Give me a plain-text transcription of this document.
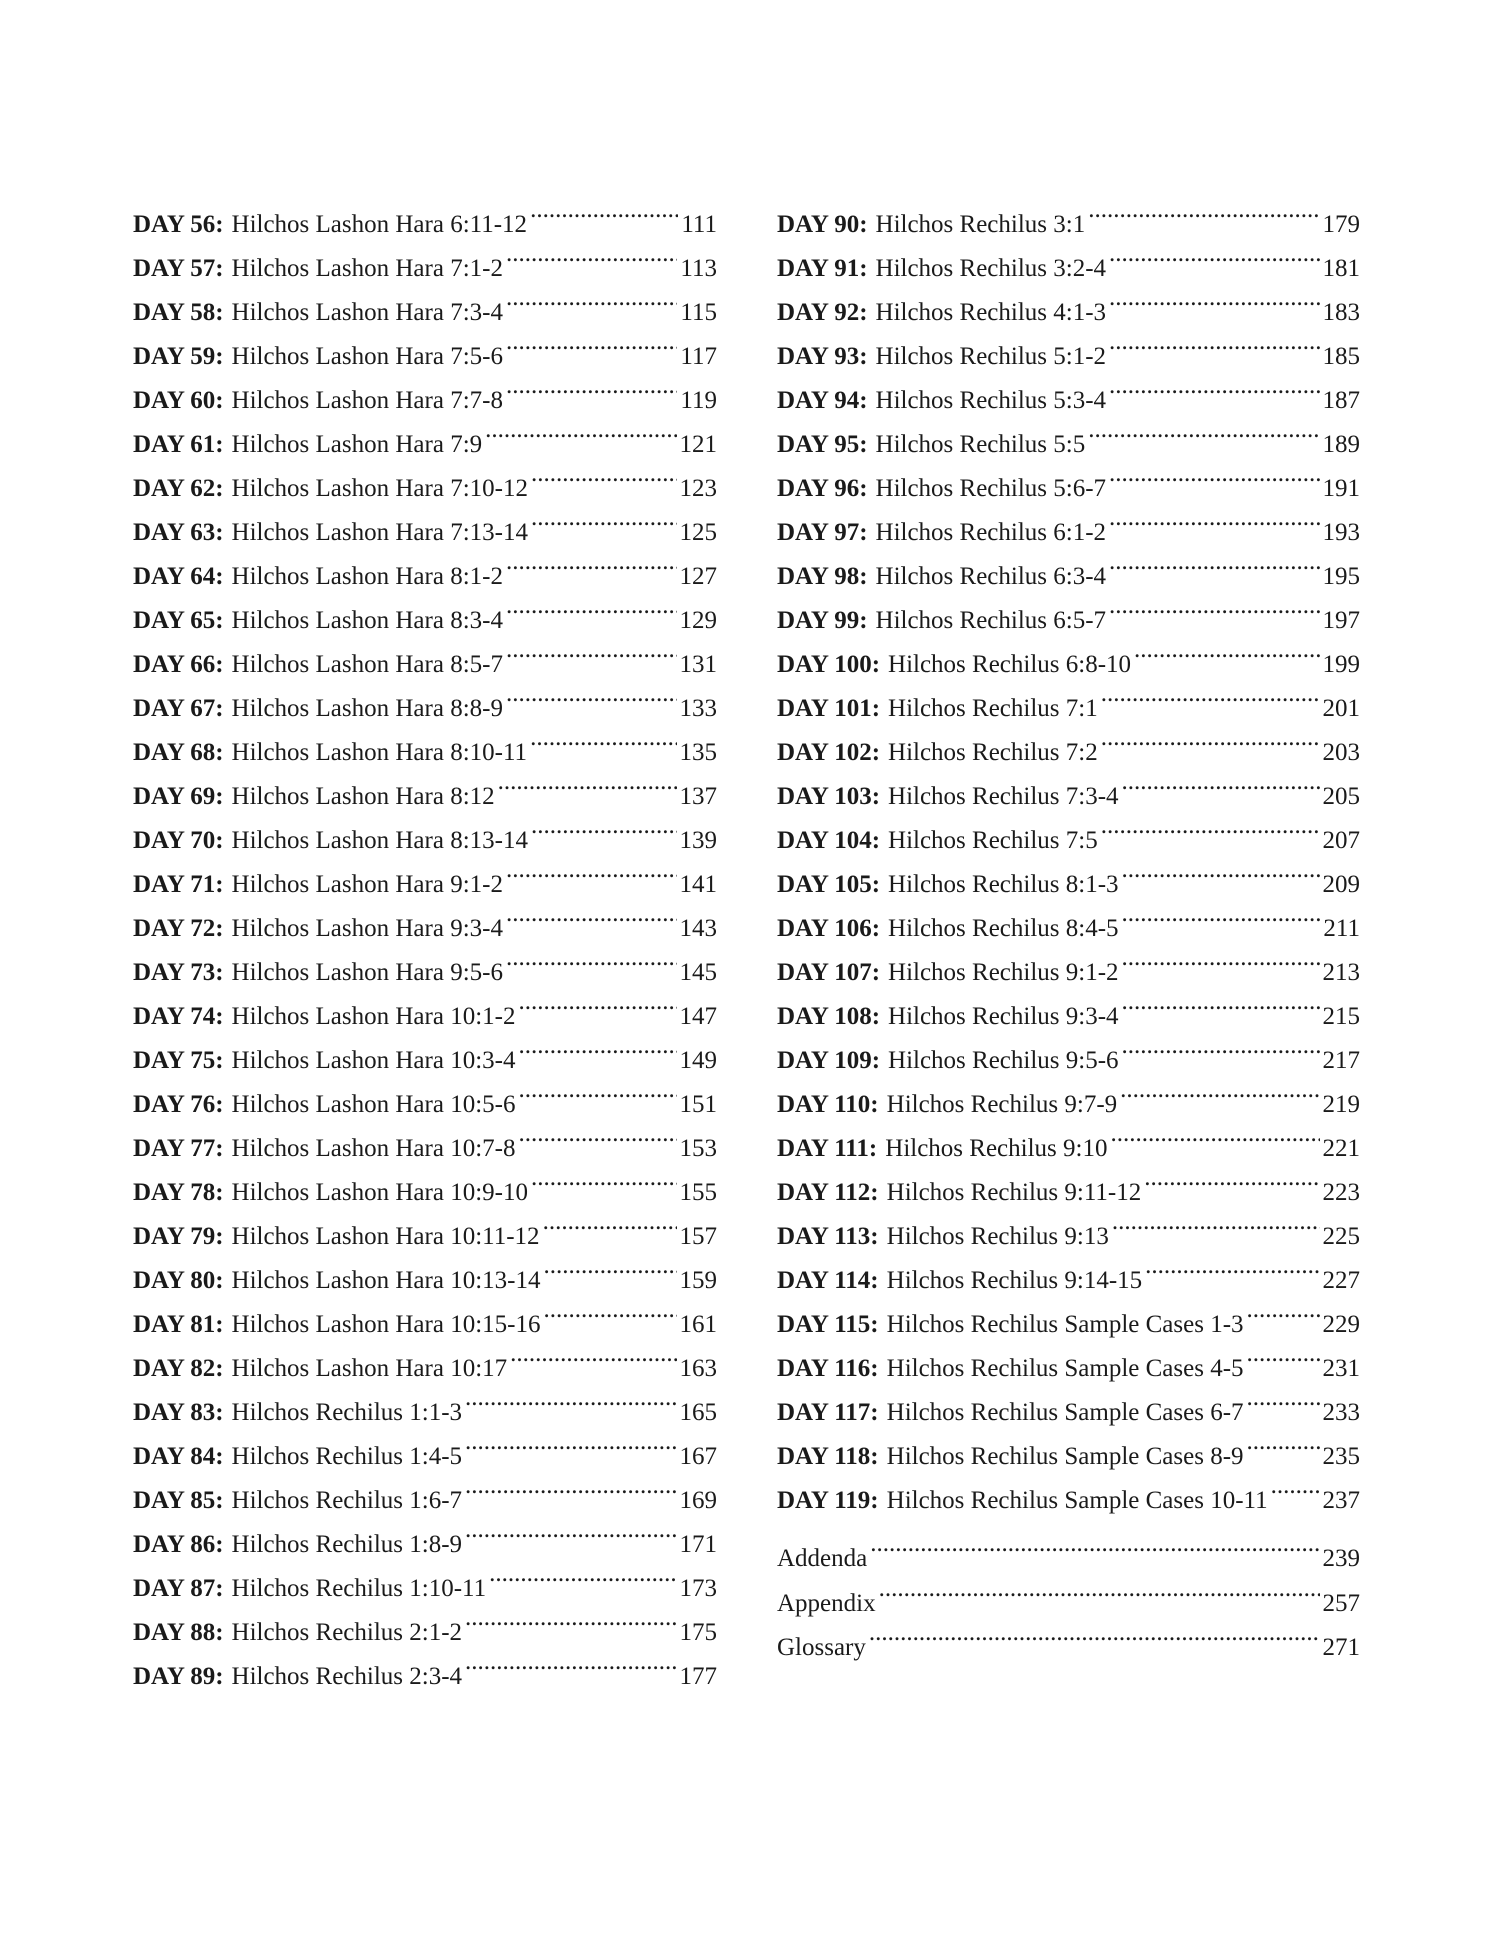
DAY 56: Hilchos Lashon Hara 6:11-12 .....	111
DAY 57: Hilchos Lashon Hara 7:1-2 .....	113
DAY 58: Hilchos Lashon Hara 7:3-4 .....	115
DAY 59: Hilchos Lashon Hara 7:5-6 .....	117
DAY 60: Hilchos Lashon Hara 7:7-8 .....	119
DAY 61: Hilchos Lashon Hara 7:9 .....	121
DAY 62: Hilchos Lashon Hara 7:10-12 .....	123
DAY 63: Hilchos Lashon Hara 7:13-14 .....	125
DAY 64: Hilchos Lashon Hara 8:1-2 .....	127
DAY 65: Hilchos Lashon Hara 8:3-4 .....	129
DAY 66: Hilchos Lashon Hara 8:5-7 .....	131
DAY 67: Hilchos Lashon Hara 8:8-9 .....	133
DAY 68: Hilchos Lashon Hara 8:10-11 .....	135
DAY 69: Hilchos Lashon Hara 8:12 .....	137
DAY 70: Hilchos Lashon Hara 8:13-14 .....	139
DAY 71: Hilchos Lashon Hara 9:1-2 .....	141
DAY 72: Hilchos Lashon Hara 9:3-4 .....	143
DAY 73: Hilchos Lashon Hara 9:5-6 .....	145
DAY 74: Hilchos Lashon Hara 10:1-2 .....	147
DAY 75: Hilchos Lashon Hara 10:3-4 .....	149
DAY 76: Hilchos Lashon Hara 10:5-6 .....	151
DAY 77: Hilchos Lashon Hara 10:7-8 .....	153
DAY 78: Hilchos Lashon Hara 10:9-10 .....	155
DAY 79: Hilchos Lashon Hara 10:11-12 .....	157
DAY 80: Hilchos Lashon Hara 10:13-14 .....	159
DAY 81: Hilchos Lashon Hara 10:15-16 .....	161
DAY 82: Hilchos Lashon Hara 10:17 .....	163
DAY 83: Hilchos Rechilus 1:1-3 .....	165
DAY 84: Hilchos Rechilus 1:4-5 .....	167
DAY 85: Hilchos Rechilus 1:6-7 .....	169
DAY 86: Hilchos Rechilus 1:8-9 .....	171
DAY 87: Hilchos Rechilus 1:10-11 .....	173
DAY 88: Hilchos Rechilus 2:1-2 .....	175
DAY 89: Hilchos Rechilus 2:3-4 .....	177
DAY 90: Hilchos Rechilus 3:1 .....	179
DAY 91: Hilchos Rechilus 3:2-4 .....	181
DAY 92: Hilchos Rechilus 4:1-3 .....	183
DAY 93: Hilchos Rechilus 5:1-2 .....	185
DAY 94: Hilchos Rechilus 5:3-4 .....	187
DAY 95: Hilchos Rechilus 5:5 .....	189
DAY 96: Hilchos Rechilus 5:6-7 .....	191
DAY 97: Hilchos Rechilus 6:1-2 .....	193
DAY 98: Hilchos Rechilus 6:3-4 .....	195
DAY 99: Hilchos Rechilus 6:5-7 .....	197
DAY 100: Hilchos Rechilus 6:8-10 .....	199
DAY 101: Hilchos Rechilus 7:1 .....	201
DAY 102: Hilchos Rechilus 7:2 .....	203
DAY 103: Hilchos Rechilus 7:3-4 .....	205
DAY 104: Hilchos Rechilus 7:5 .....	207
DAY 105: Hilchos Rechilus 8:1-3 .....	209
DAY 106: Hilchos Rechilus 8:4-5 .....	211
DAY 107: Hilchos Rechilus 9:1-2 .....	213
DAY 108: Hilchos Rechilus 9:3-4 .....	215
DAY 109: Hilchos Rechilus 9:5-6 .....	217
DAY 110: Hilchos Rechilus 9:7-9 .....	219
DAY 111: Hilchos Rechilus 9:10 .....	221
DAY 112: Hilchos Rechilus 9:11-12 .....	223
DAY 113: Hilchos Rechilus 9:13 .....	225
DAY 114: Hilchos Rechilus 9:14-15 .....	227
DAY 115: Hilchos Rechilus Sample Cases 1-3 .....	229
DAY 116: Hilchos Rechilus Sample Cases 4-5 .....	231
DAY 117: Hilchos Rechilus Sample Cases 6-7 .....	233
DAY 118: Hilchos Rechilus Sample Cases 8-9 .....	235
DAY 119: Hilchos Rechilus Sample Cases 10-11 ..... 237
Addenda .....	239
Appendix .....	257
Glossary .....	271
